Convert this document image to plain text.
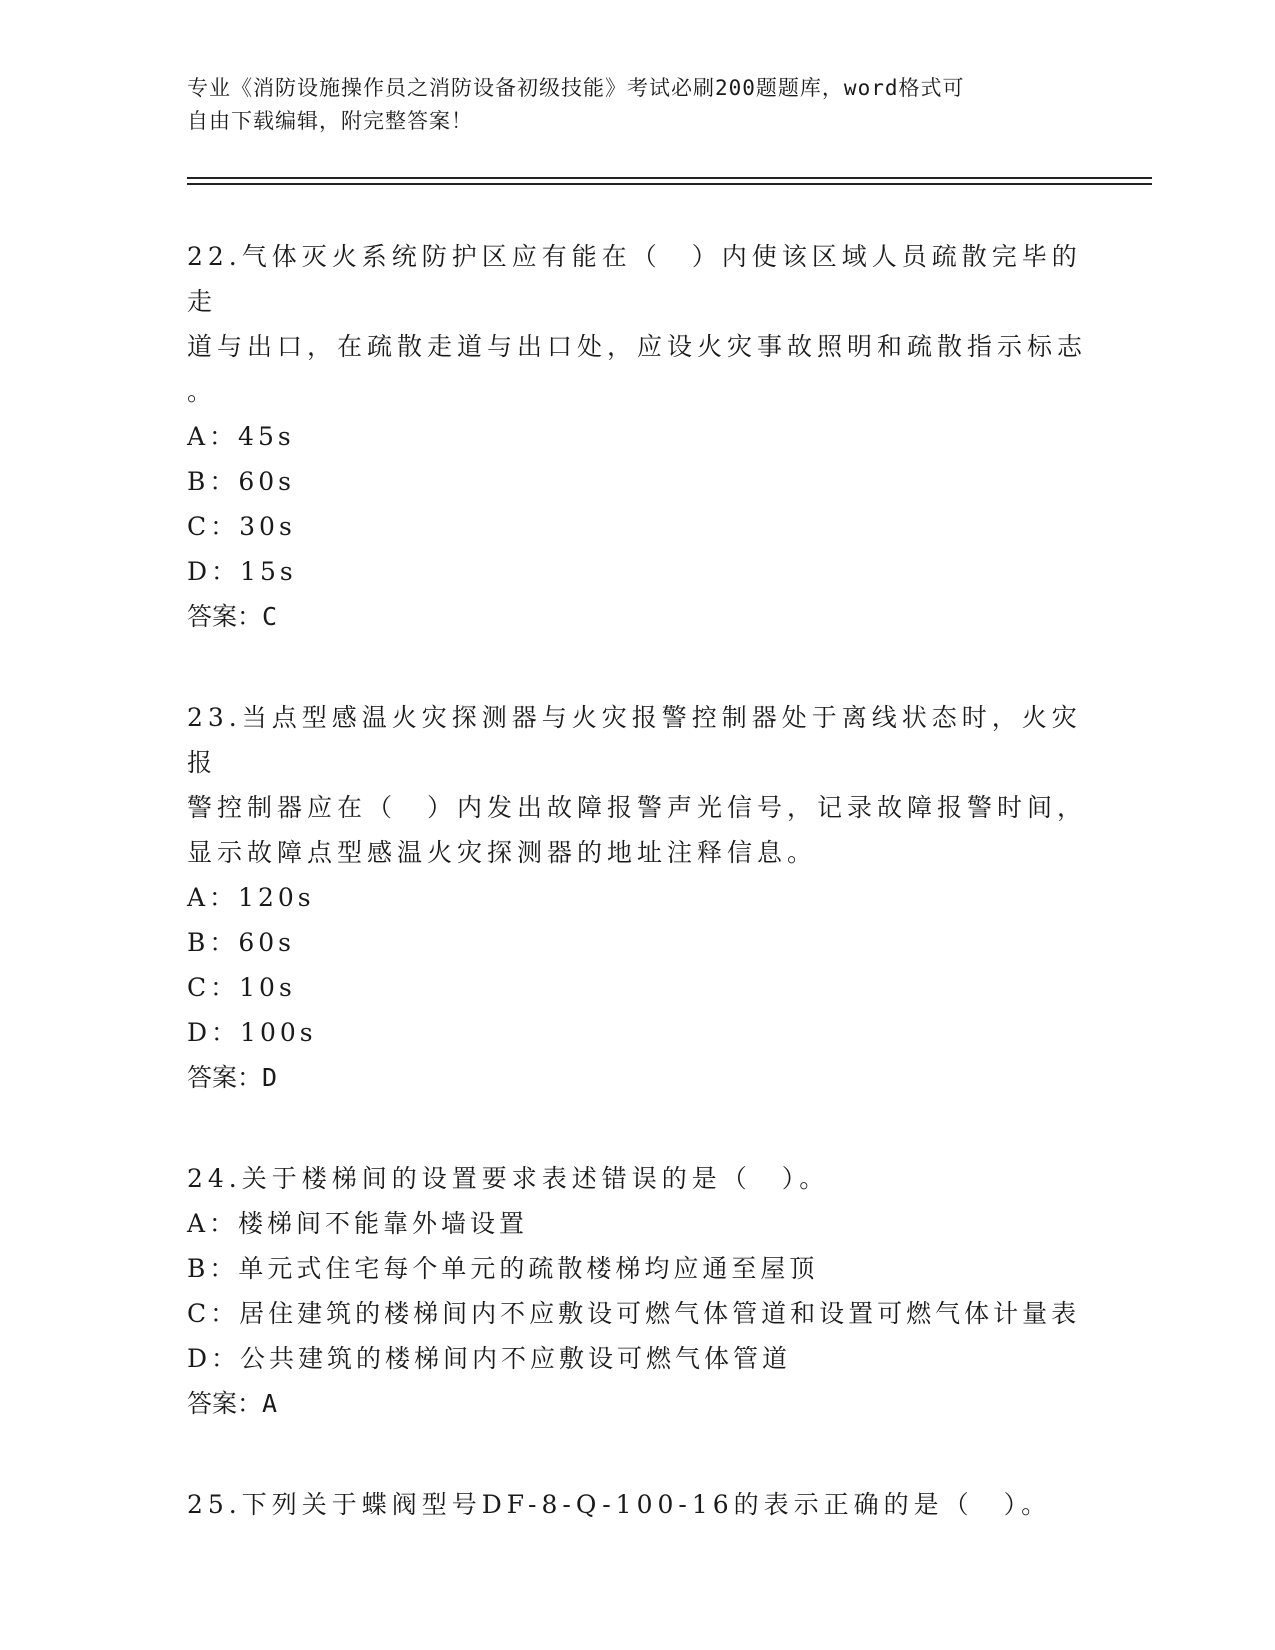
专业《消防设施操作员之消防设备初级技能》考试必刷200题题库，word格式可
自由下载编辑，附完整答案！

22.气体灭火系统防护区应有能在（　）内使该区域人员疏散完毕的走
道与出口，在疏散走道与出口处，应设火灾事故照明和疏散指示标志
。

A：45s

B：60s

C：30s

D：15s

答案：C

23.当点型感温火灾探测器与火灾报警控制器处于离线状态时，火灾报
警控制器应在（　）内发出故障报警声光信号，记录故障报警时间，
显示故障点型感温火灾探测器的地址注释信息。

A：120s

B：60s

C：10s

D：100s

答案：D

24.关于楼梯间的设置要求表述错误的是（　）。

A：楼梯间不能靠外墙设置

B：单元式住宅每个单元的疏散楼梯均应通至屋顶

C：居住建筑的楼梯间内不应敷设可燃气体管道和设置可燃气体计量表

D：公共建筑的楼梯间内不应敷设可燃气体管道

答案：A

25.下列关于蝶阀型号DF-8-Q-100-16的表示正确的是（　）。
